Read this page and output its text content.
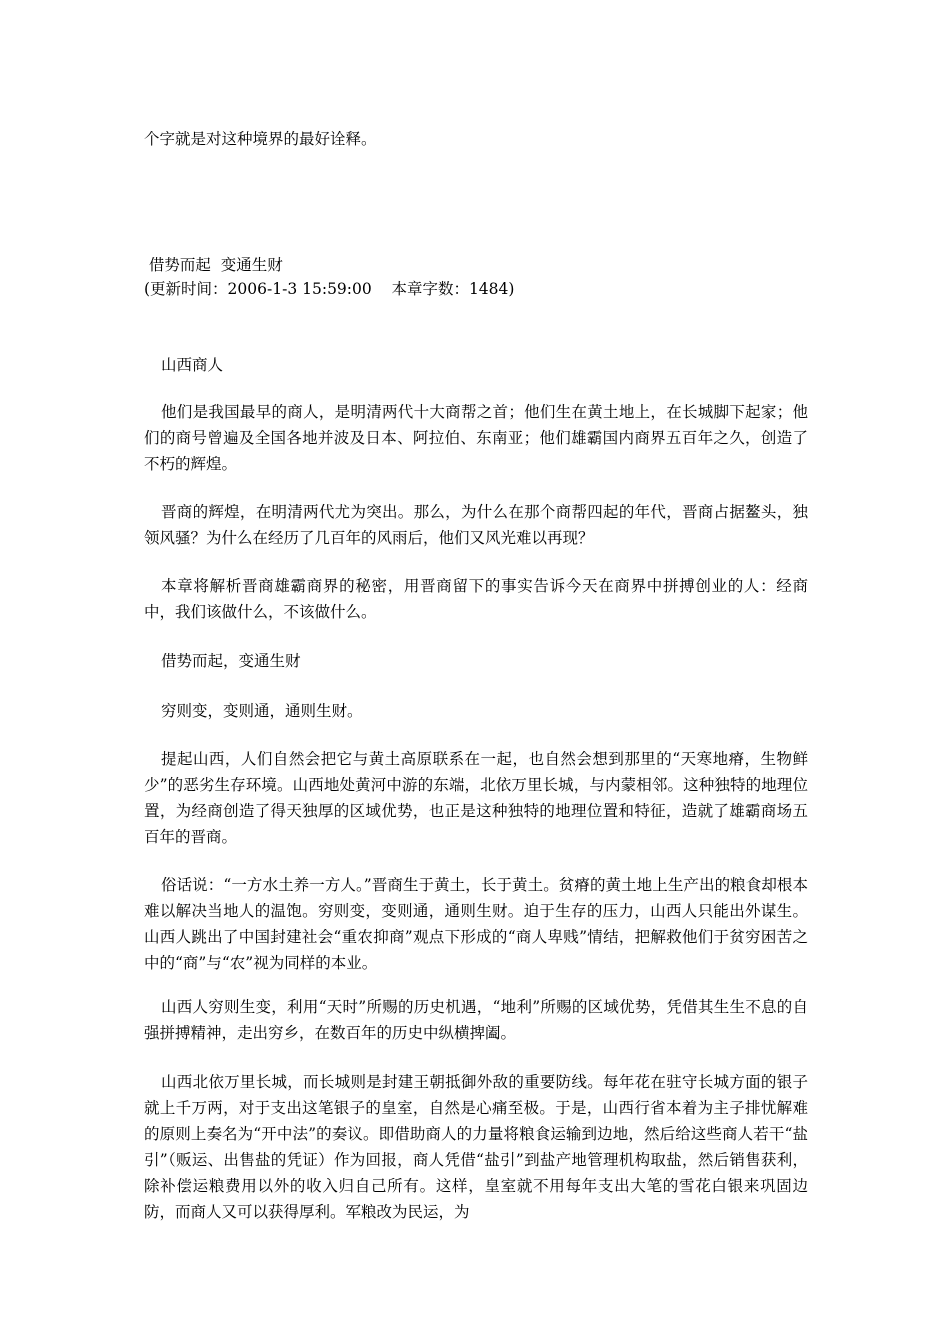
个字就是对这种境界的最好诠释。
借势而起  变通生财
(更新时间：2006-1-3 15:59:00    本章字数：1484)
山西商人
他们是我国最早的商人，是明清两代十大商帮之首；他们生在黄土地上，在长城脚下起家；他们的商号曾遍及全国各地并波及日本、阿拉伯、东南亚；他们雄霸国内商界五百年之久，创造了不朽的辉煌。
晋商的辉煌，在明清两代尤为突出。那么，为什么在那个商帮四起的年代，晋商占据鳌头，独领风骚？为什么在经历了几百年的风雨后，他们又风光难以再现？
本章将解析晋商雄霸商界的秘密，用晋商留下的事实告诉今天在商界中拼搏创业的人：经商中，我们该做什么，不该做什么。
借势而起，变通生财
穷则变，变则通，通则生财。
提起山西，人们自然会把它与黄土高原联系在一起，也自然会想到那里的“天寒地瘠，生物鲜少”的恶劣生存环境。山西地处黄河中游的东端，北依万里长城，与内蒙相邻。这种独特的地理位置，为经商创造了得天独厚的区域优势，也正是这种独特的地理位置和特征，造就了雄霸商场五百年的晋商。
俗话说：“一方水土养一方人。”晋商生于黄土，长于黄土。贫瘠的黄土地上生产出的粮食却根本难以解决当地人的温饱。穷则变，变则通，通则生财。迫于生存的压力，山西人只能出外谋生。山西人跳出了中国封建社会“重农抑商”观点下形成的“商人卑贱”情结，把解救他们于贫穷困苦之中的“商”与“农”视为同样的本业。
山西人穷则生变，利用“天时”所赐的历史机遇，“地利”所赐的区域优势，凭借其生生不息的自强拼搏精神，走出穷乡，在数百年的历史中纵横捭阖。
山西北依万里长城，而长城则是封建王朝抵御外敌的重要防线。每年花在驻守长城方面的银子就上千万两，对于支出这笔银子的皇室，自然是心痛至极。于是，山西行省本着为主子排忧解难的原则上奏名为“开中法”的奏议。即借助商人的力量将粮食运输到边地，然后给这些商人若干“盐引”（贩运、出售盐的凭证）作为回报，商人凭借“盐引”到盐产地管理机构取盐，然后销售获利，除补偿运粮费用以外的收入归自己所有。这样，皇室就不用每年支出大笔的雪花白银来巩固边防，而商人又可以获得厚利。军粮改为民运，为
